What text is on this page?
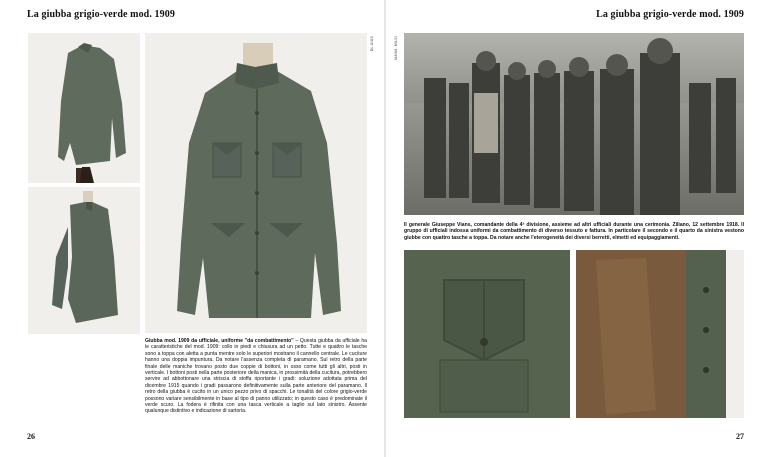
La giubba grigio-verde mod. 1909
DL GIUS
Giubba mod. 1909 da ufficiale, uniforme "da combattimento" – Questa giubba da ufficiale ha le caratteristiche del mod. 1909: collo in piedi e chiusura ad un petto. Tutte e quattro le tasche sono a toppa con aletta a punta mentre solo le superiori mostrano il cannello centrale. Le cuciture hanno una doppia impuntura. Da notare l'assenza completa di paramano. Sul retro della parte finale delle maniche trovano posto due coppie di bottoni, in osso come tutti gli altri, posti in verticale. I bottoni posti nella parte posteriore della manica, in prossimità della cucitura, potrebbero servire ad abbottonare una striscia di stoffa riportante i gradi: soluzione adottata prima del dicembre 1915 quando i gradi passarono definitivamente sulla parte anteriore del paramano. Il retro della giubba è cucito in un unico pezzo privo di spacchi. Le tonalità del colore grigio-verde possono variare sensibilmente in base al tipo di panno utilizzato; in questo caso è predominate il verde scuro. La fodera è rifinita con una tasca verticale a taglio sul lato sinistro. Assente qualunque distintivo e indicazione di sartoria.
26
La giubba grigio-verde mod. 1909
MAXM. MILSI
Il generale Giuseppe Vians, comandante della 4ª divisione, assieme ad altri ufficiali durante una cerimonia. Ziliano, 12 settembre 1918. Il gruppo di ufficiali indossa uniformi da combattimento di diverso tessuto e fattura. In particolare il secondo e il quarto da sinistra vestono giubbe con quattro tasche a toppa. Da notare anche l'eterogeneità dei diversi berretti, elmetti ed equipaggiamenti.
27
